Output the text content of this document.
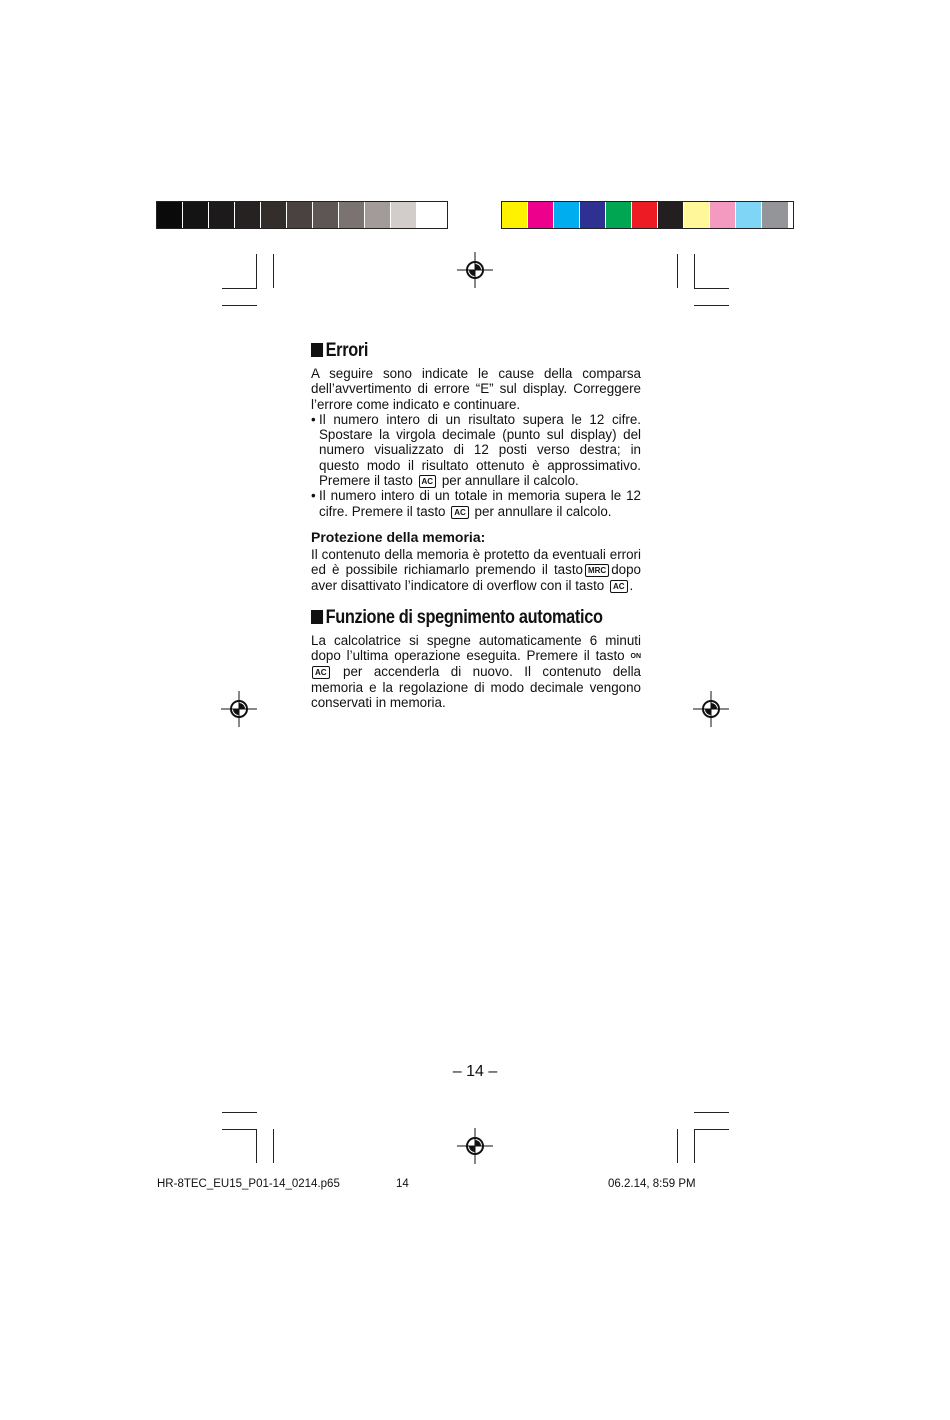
Errori

A seguire sono indicate le cause della comparsa dell’avvertimento di errore “E” sul display. Correggere l’errore come indicato e continuare.

• Il numero intero di un risultato supera le 12 cifre. Spostare la virgola decimale (punto sul display) del numero visualizzato di 12 posti verso destra; in questo modo il risultato ottenuto è approssimativo. Premere il tasto AC per annullare il calcolo.
• Il numero intero di un totale in memoria supera le 12 cifre. Premere il tasto AC per annullare il calcolo.
Protezione della memoria:

Il contenuto della memoria è protetto da eventuali errori ed è possibile richiamarlo premendo il tasto MRC dopo aver disattivato l’indicatore di overflow con il tasto AC .

Funzione di spegnimento automatico

La calcolatrice si spegne automaticamente 6 minuti dopo l’ultima operazione eseguita. Premere il tasto ONAC per accenderla di nuovo. Il contenuto della memoria e la regolazione di modo decimale vengono conservati in memoria.

– 14 –
HR-8TEC_EU15_P01-14_0214.p65	14	06.2.14, 8:59 PM
